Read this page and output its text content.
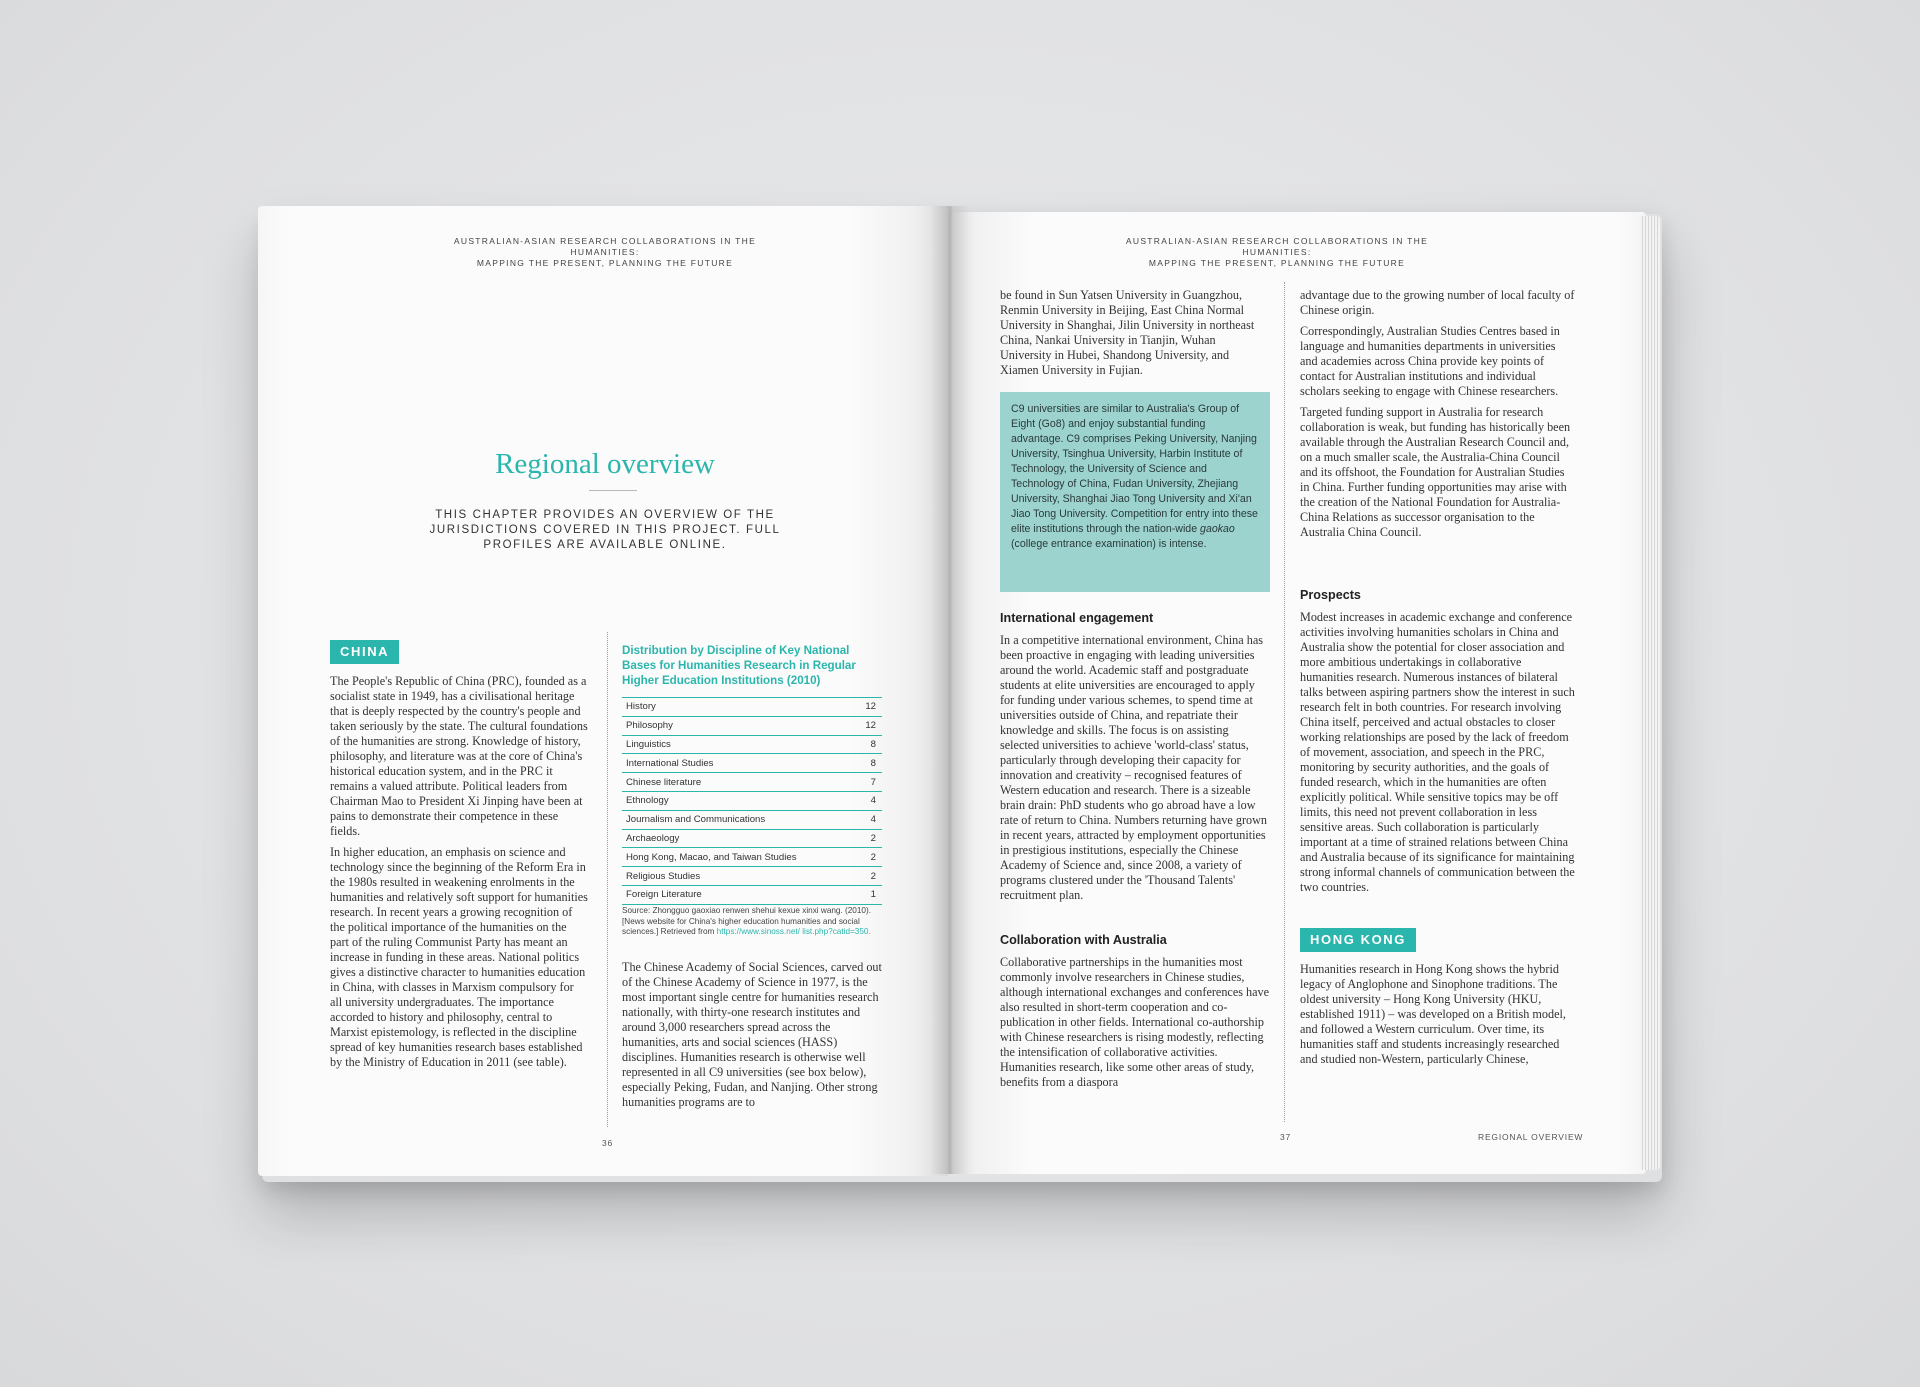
AUSTRALIAN-ASIAN RESEARCH COLLABORATIONS IN THE HUMANITIES:
MAPPING THE PRESENT, PLANNING THE FUTURE
AUSTRALIAN-ASIAN RESEARCH COLLABORATIONS IN THE HUMANITIES:
MAPPING THE PRESENT, PLANNING THE FUTURE
Regional overview
THIS CHAPTER PROVIDES AN OVERVIEW OF THE JURISDICTIONS COVERED IN THIS PROJECT. FULL PROFILES ARE AVAILABLE ONLINE.
CHINA

The People's Republic of China (PRC), founded as a socialist state in 1949, has a civilisational heritage that is deeply respected by the country's people and taken seriously by the state. The cultural foundations of the humanities are strong. Knowledge of history, philosophy, and literature was at the core of China's historical education system, and in the PRC it remains a valued attribute. Political leaders from Chairman Mao to President Xi Jinping have been at pains to demonstrate their competence in these fields.

In higher education, an emphasis on science and technology since the beginning of the Reform Era in the 1980s resulted in weakening enrolments in the humanities and relatively soft support for humanities research. In recent years a growing recognition of the political importance of the humanities on the part of the ruling Communist Party has meant an increase in funding in these areas. National politics gives a distinctive character to humanities education in China, with classes in Marxism compulsory for all university undergraduates. The importance accorded to history and philosophy, central to Marxist epistemology, is reflected in the discipline spread of key humanities research bases established by the Ministry of Education in 2011 (see table).

Distribution by Discipline of Key National Bases for Humanities Research in Regular Higher Education Institutions (2010)
History	12
Philosophy	12
Linguistics	8
International Studies	8
Chinese literature	7
Ethnology	4
Journalism and Communications	4
Archaeology	2
Hong Kong, Macao, and Taiwan Studies	2
Religious Studies	2
Foreign Literature	1
Source: Zhongguo gaoxiao renwen shehui kexue xinxi wang. (2010). [News website for China's higher education humanities and social sciences.] Retrieved from https://www.sinoss.net/ list.php?catid=350.

The Chinese Academy of Social Sciences, carved out of the Chinese Academy of Science in 1977, is the most important single centre for humanities research nationally, with thirty-one research institutes and around 3,000 researchers spread across the humanities, arts and social sciences (HASS) disciplines. Humanities research is otherwise well represented in all C9 universities (see box below), especially Peking, Fudan, and Nanjing. Other strong humanities programs are to

36

be found in Sun Yatsen University in Guangzhou, Renmin University in Beijing, East China Normal University in Shanghai, Jilin University in northeast China, Nankai University in Tianjin, Wuhan University in Hubei, Shandong University, and Xiamen University in Fujian.

C9 universities are similar to Australia's Group of Eight (Go8) and enjoy substantial funding advantage. C9 comprises Peking University, Nanjing University, Tsinghua University, Harbin Institute of Technology, the University of Science and Technology of China, Fudan University, Zhejiang University, Shanghai Jiao Tong University and Xi'an Jiao Tong University. Competition for entry into these elite institutions through the nation-wide gaokao (college entrance examination) is intense.
International engagement

In a competitive international environment, China has been proactive in engaging with leading universities around the world. Academic staff and postgraduate students at elite universities are encouraged to apply for funding under various schemes, to spend time at universities outside of China, and repatriate their knowledge and skills. The focus is on assisting selected universities to achieve 'world-class' status, particularly through developing their capacity for innovation and creativity – recognised features of Western education and research. There is a sizeable brain drain: PhD students who go abroad have a low rate of return to China. Numbers returning have grown in recent years, attracted by employment opportunities in prestigious institutions, especially the Chinese Academy of Science and, since 2008, a variety of programs clustered under the 'Thousand Talents' recruitment plan.

Collaboration with Australia

Collaborative partnerships in the humanities most commonly involve researchers in Chinese studies, although international exchanges and conferences have also resulted in short-term cooperation and co-publication in other fields. International co-authorship with Chinese researchers is rising modestly, reflecting the intensification of collaborative activities. Humanities research, like some other areas of study, benefits from a diaspora

advantage due to the growing number of local faculty of Chinese origin.

Correspondingly, Australian Studies Centres based in language and humanities departments in universities and academies across China provide key points of contact for Australian institutions and individual scholars seeking to engage with Chinese researchers.

Targeted funding support in Australia for research collaboration is weak, but funding has historically been available through the Australian Research Council and, on a much smaller scale, the Australia-China Council and its offshoot, the Foundation for Australian Studies in China. Further funding opportunities may arise with the creation of the National Foundation for Australia-China Relations as successor organisation to the Australia China Council.

Prospects

Modest increases in academic exchange and conference activities involving humanities scholars in China and Australia show the potential for closer association and more ambitious undertakings in collaborative humanities research. Numerous instances of bilateral talks between aspiring partners show the interest in such research felt in both countries. For research involving China itself, perceived and actual obstacles to closer working relationships are posed by the lack of freedom of movement, association, and speech in the PRC, monitoring by security authorities, and the goals of funded research, which in the humanities are often explicitly political. While sensitive topics may be off limits, this need not prevent collaboration in less sensitive areas. Such collaboration is particularly important at a time of strained relations between China and Australia because of its significance for maintaining strong informal channels of communication between the two countries.

HONG KONG

Humanities research in Hong Kong shows the hybrid legacy of Anglophone and Sinophone traditions. The oldest university – Hong Kong University (HKU, established 1911) – was developed on a British model, and followed a Western curriculum. Over time, its humanities staff and students increasingly researched and studied non-Western, particularly Chinese,

37	REGIONAL OVERVIEW
